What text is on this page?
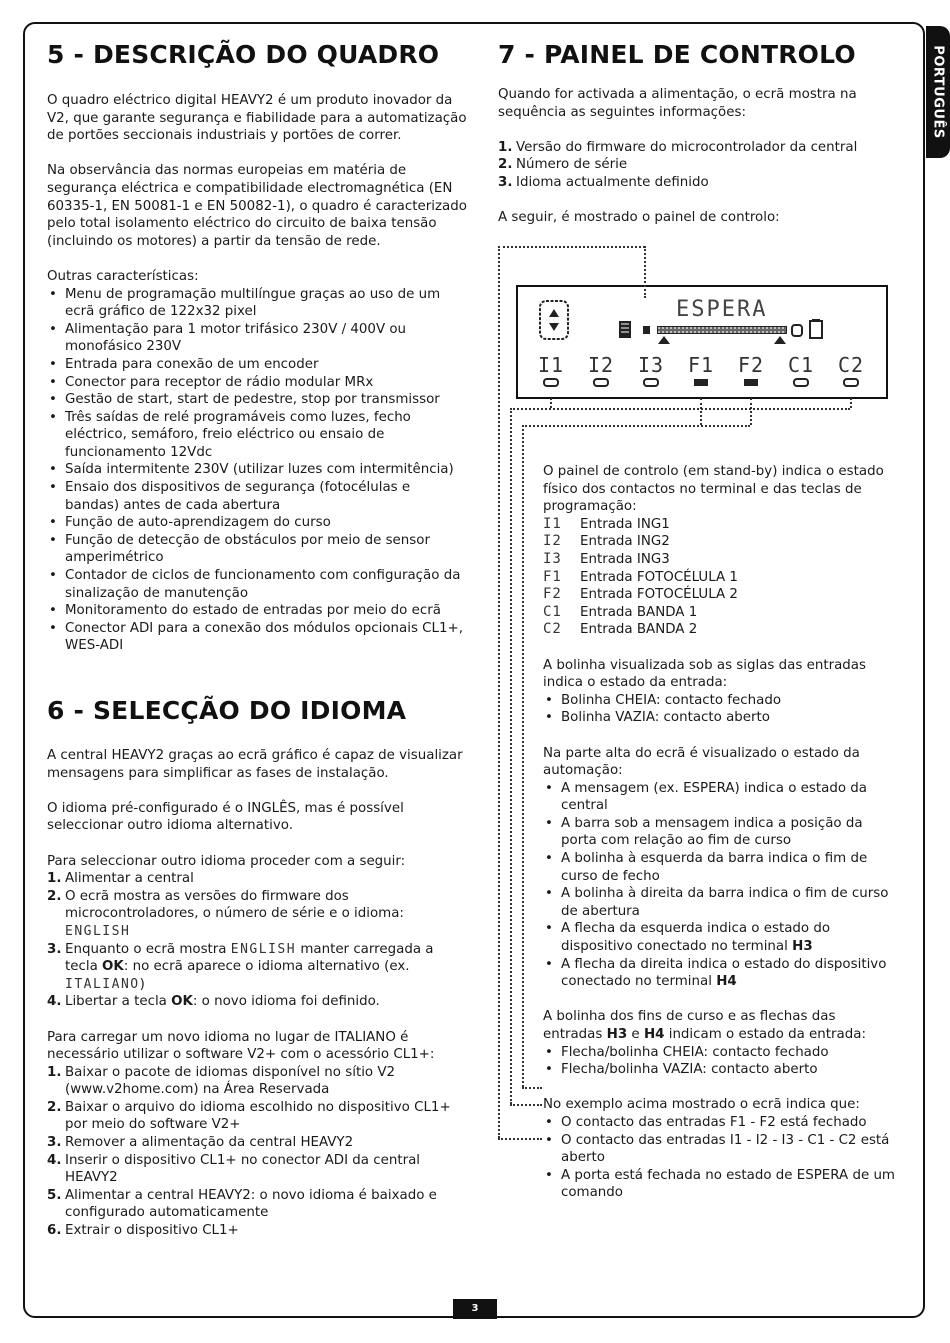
PORTUGUÊS
5 - DESCRIÇÃO DO QUADRO

O quadro eléctrico digital HEAVY2 é um produto inovador da V2, que garante segurança e fiabilidade para a automatização de portões seccionais industriais y portões de correr.

Na observância das normas europeias em matéria de segurança eléctrica e compatibilidade electromagnética (EN 60335-1, EN 50081-1 e EN 50082-1), o quadro é caracterizado pelo total isolamento eléctrico do circuito de baixa tensão (incluindo os motores) a partir da tensão de rede.

Outras características:

• Menu de programação multilíngue graças ao uso de um ecrã gráfico de 122x32 pixel
• Alimentação para 1 motor trifásico 230V / 400V ou monofásico 230V
• Entrada para conexão de um encoder
• Conector para receptor de rádio modular MRx
• Gestão de start, start de pedestre, stop por transmissor
• Três saídas de relé programáveis como luzes, fecho eléctrico, semáforo, freio eléctrico ou ensaio de funcionamento 12Vdc
• Saída intermitente 230V (utilizar luzes com intermitência)
• Ensaio dos dispositivos de segurança (fotocélulas e bandas) antes de cada abertura
• Função de auto-aprendizagem do curso
• Função de detecção de obstáculos por meio de sensor amperimétrico
• Contador de ciclos de funcionamento com configuração da sinalização de manutenção
• Monitoramento do estado de entradas por meio do ecrã
• Conector ADI para a conexão dos módulos opcionais CL1+, WES-ADI
6 - SELECÇÃO DO IDIOMA

A central HEAVY2 graças ao ecrã gráfico é capaz de visualizar mensagens para simplificar as fases de instalação.

O idioma pré-configurado é o INGLÊS, mas é possível seleccionar outro idioma alternativo.

Para seleccionar outro idioma proceder com a seguir:

1. Alimentar a central
2. O ecrã mostra as versões do firmware dos microcontroladores, o número de série e o idioma: ENGLISH
3. Enquanto o ecrã mostra ENGLISH manter carregada a tecla OK: no ecrã aparece o idioma alternativo (ex. ITALIANO)
4. Libertar a tecla OK: o novo idioma foi definido.

Para carregar um novo idioma no lugar de ITALIANO é necessário utilizar o software V2+ com o acessório CL1+:

1. Baixar o pacote de idiomas disponível no sítio V2 (www.v2home.com) na Área Reservada
2. Baixar o arquivo do idioma escolhido no dispositivo CL1+ por meio do software V2+
3. Remover a alimentação da central HEAVY2
4. Inserir o dispositivo CL1+ no conector ADI da central HEAVY2
5. Alimentar a central HEAVY2: o novo idioma é baixado e configurado automaticamente
6. Extrair o dispositivo CL1+
7 - PAINEL DE CONTROLO

Quando for activada a alimentação, o ecrã mostra na sequência as seguintes informações:

1. Versão do firmware do microcontrolador da central
2. Número de série
3. Idioma actualmente definido

A seguir, é mostrado o painel de controlo:

ESPERA
I1 I2 I3 F1 F2 C1 C2

O painel de controlo (em stand-by) indica o estado físico dos contactos no terminal e das teclas de programação:

I1	Entrada ING1
I2	Entrada ING2
I3	Entrada ING3
F1	Entrada FOTOCÉLULA 1
F2	Entrada FOTOCÉLULA 2
C1	Entrada BANDA 1
C2	Entrada BANDA 2

A bolinha visualizada sob as siglas das entradas indica o estado da entrada:

• Bolinha CHEIA: contacto fechado
• Bolinha VAZIA: contacto aberto

Na parte alta do ecrã é visualizado o estado da automação:

• A mensagem (ex. ESPERA) indica o estado da central
• A barra sob a mensagem indica a posição da porta com relação ao fim de curso
• A bolinha à esquerda da barra indica o fim de curso de fecho
• A bolinha à direita da barra indica o fim de curso de abertura
• A flecha da esquerda indica o estado do dispositivo conectado no terminal H3
• A flecha da direita indica o estado do dispositivo conectado no terminal H4

A bolinha dos fins de curso e as flechas das entradas H3 e H4 indicam o estado da entrada:

• Flecha/bolinha CHEIA: contacto fechado
• Flecha/bolinha VAZIA: contacto aberto

No exemplo acima mostrado o ecrã indica que:

• O contacto das entradas F1 - F2 está fechado
• O contacto das entradas I1 - I2 - I3 - C1 - C2 está aberto
• A porta está fechada no estado de ESPERA de um comando
3
